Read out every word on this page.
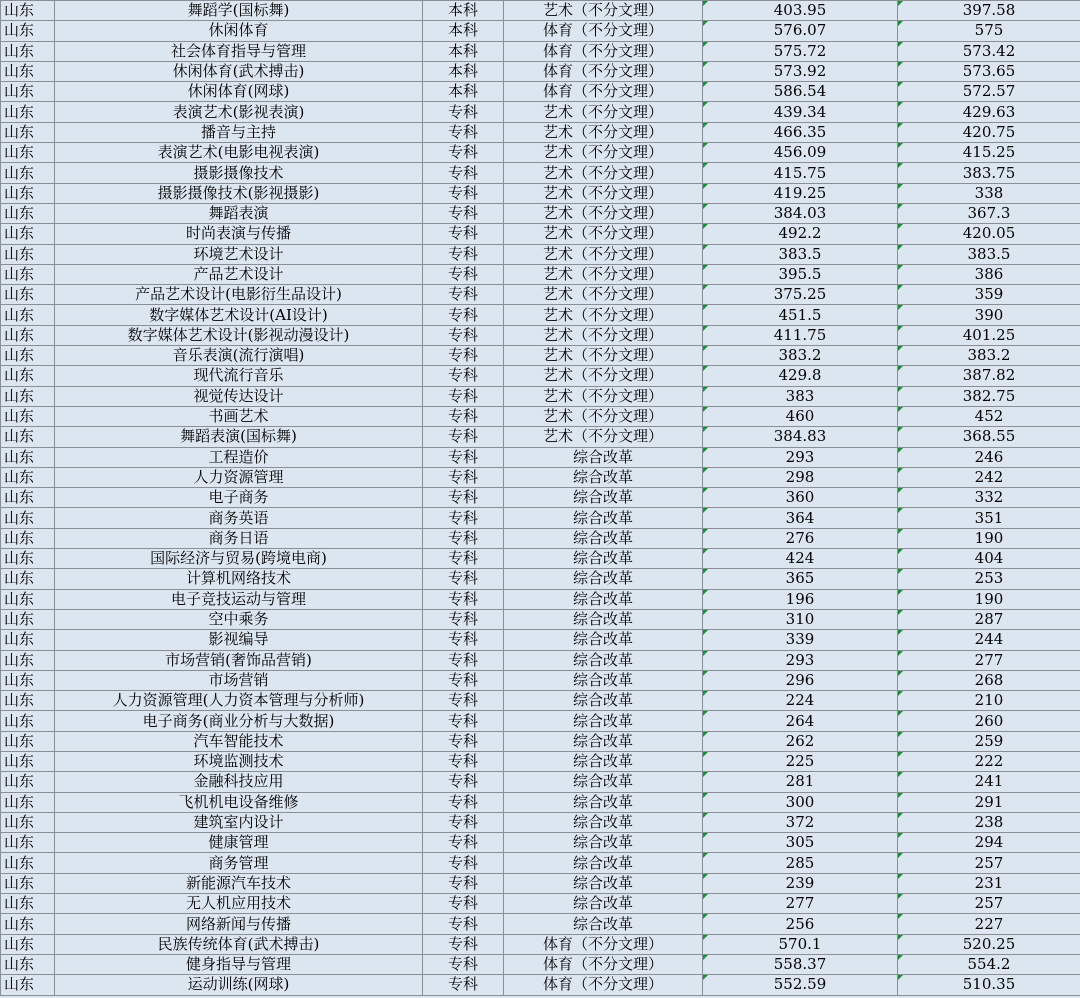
山东	舞蹈学(国标舞)	本科	艺术（不分文理）	403.95	397.58
山东	休闲体育	本科	体育（不分文理）	576.07	575
山东	社会体育指导与管理	本科	体育（不分文理）	575.72	573.42
山东	休闲体育(武术搏击)	本科	体育（不分文理）	573.92	573.65
山东	休闲体育(网球)	本科	体育（不分文理）	586.54	572.57
山东	表演艺术(影视表演)	专科	艺术（不分文理）	439.34	429.63
山东	播音与主持	专科	艺术（不分文理）	466.35	420.75
山东	表演艺术(电影电视表演)	专科	艺术（不分文理）	456.09	415.25
山东	摄影摄像技术	专科	艺术（不分文理）	415.75	383.75
山东	摄影摄像技术(影视摄影)	专科	艺术（不分文理）	419.25	338
山东	舞蹈表演	专科	艺术（不分文理）	384.03	367.3
山东	时尚表演与传播	专科	艺术（不分文理）	492.2	420.05
山东	环境艺术设计	专科	艺术（不分文理）	383.5	383.5
山东	产品艺术设计	专科	艺术（不分文理）	395.5	386
山东	产品艺术设计(电影衍生品设计)	专科	艺术（不分文理）	375.25	359
山东	数字媒体艺术设计(AI设计)	专科	艺术（不分文理）	451.5	390
山东	数字媒体艺术设计(影视动漫设计)	专科	艺术（不分文理）	411.75	401.25
山东	音乐表演(流行演唱)	专科	艺术（不分文理）	383.2	383.2
山东	现代流行音乐	专科	艺术（不分文理）	429.8	387.82
山东	视觉传达设计	专科	艺术（不分文理）	383	382.75
山东	书画艺术	专科	艺术（不分文理）	460	452
山东	舞蹈表演(国标舞)	专科	艺术（不分文理）	384.83	368.55
山东	工程造价	专科	综合改革	293	246
山东	人力资源管理	专科	综合改革	298	242
山东	电子商务	专科	综合改革	360	332
山东	商务英语	专科	综合改革	364	351
山东	商务日语	专科	综合改革	276	190
山东	国际经济与贸易(跨境电商)	专科	综合改革	424	404
山东	计算机网络技术	专科	综合改革	365	253
山东	电子竞技运动与管理	专科	综合改革	196	190
山东	空中乘务	专科	综合改革	310	287
山东	影视编导	专科	综合改革	339	244
山东	市场营销(奢饰品营销)	专科	综合改革	293	277
山东	市场营销	专科	综合改革	296	268
山东	人力资源管理(人力资本管理与分析师)	专科	综合改革	224	210
山东	电子商务(商业分析与大数据)	专科	综合改革	264	260
山东	汽车智能技术	专科	综合改革	262	259
山东	环境监测技术	专科	综合改革	225	222
山东	金融科技应用	专科	综合改革	281	241
山东	飞机机电设备维修	专科	综合改革	300	291
山东	建筑室内设计	专科	综合改革	372	238
山东	健康管理	专科	综合改革	305	294
山东	商务管理	专科	综合改革	285	257
山东	新能源汽车技术	专科	综合改革	239	231
山东	无人机应用技术	专科	综合改革	277	257
山东	网络新闻与传播	专科	综合改革	256	227
山东	民族传统体育(武术搏击)	专科	体育（不分文理）	570.1	520.25
山东	健身指导与管理	专科	体育（不分文理）	558.37	554.2
山东	运动训练(网球)	专科	体育（不分文理）	552.59	510.35
